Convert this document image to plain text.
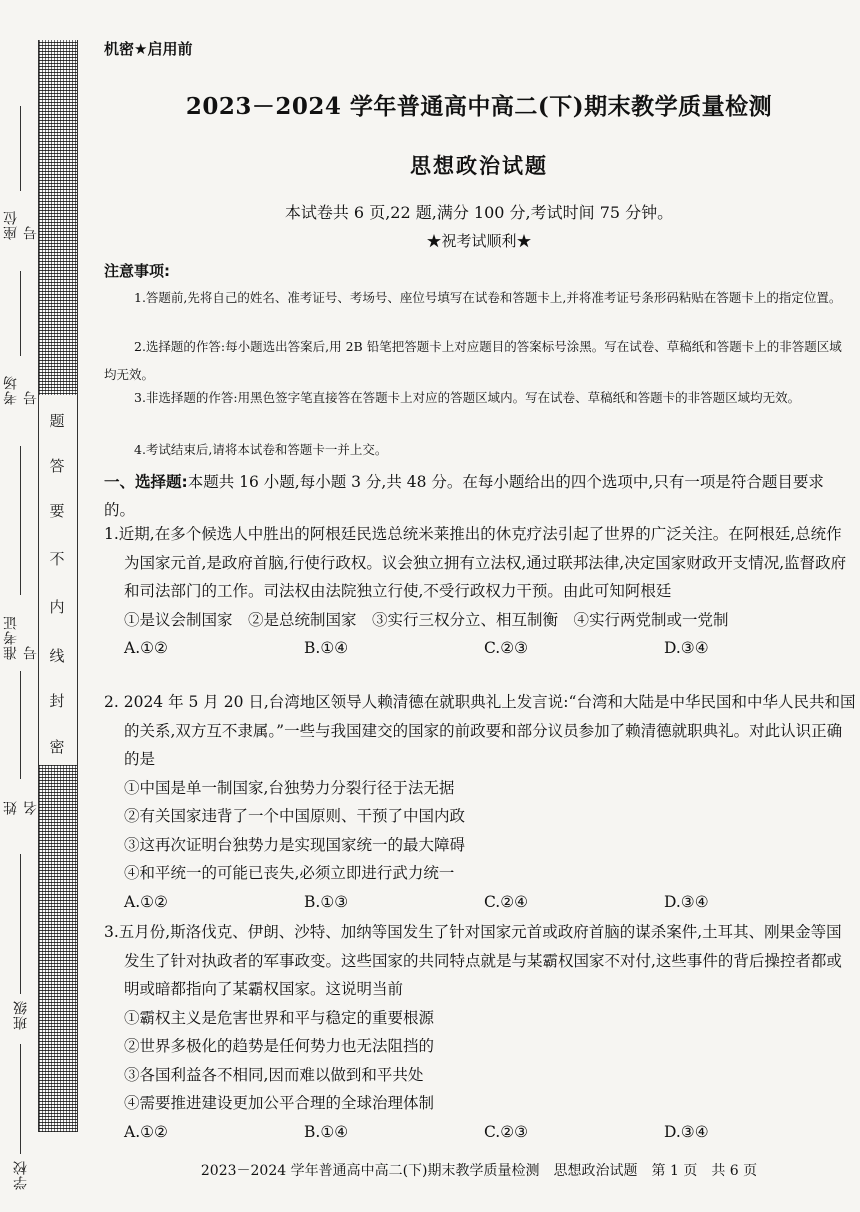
题
答
要
不
内
线
封
密
座位号
考场号
准考证号
姓名
班级
学校
机密★启用前
2023－2024 学年普通高中高二(下)期末教学质量检测
思想政治试题
本试卷共 6 页,22 题,满分 100 分,考试时间 75 分钟。
★祝考试顺利★
注意事项:
1.答题前,先将自己的姓名、准考证号、考场号、座位号填写在试卷和答题卡上,并将准考证号条形码粘贴在答题卡上的指定位置。
2.选择题的作答:每小题选出答案后,用 2B 铅笔把答题卡上对应题目的答案标号涂黑。写在试卷、草稿纸和答题卡上的非答题区域均无效。
3.非选择题的作答:用黑色签字笔直接答在答题卡上对应的答题区域内。写在试卷、草稿纸和答题卡的非答题区域均无效。
4.考试结束后,请将本试卷和答题卡一并上交。
一、选择题:本题共 16 小题,每小题 3 分,共 48 分。在每小题给出的四个选项中,只有一项是符合题目要求的。
1.近期,在多个候选人中胜出的阿根廷民选总统米莱推出的休克疗法引起了世界的广泛关注。在阿根廷,总统作为国家元首,是政府首脑,行使行政权。议会独立拥有立法权,通过联邦法律,决定国家财政开支情况,监督政府和司法部门的工作。司法权由法院独立行使,不受行政权力干预。由此可知阿根廷
①是议会制国家　②是总统制国家　③实行三权分立、相互制衡　④实行两党制或一党制
A.①②	B.①④	C.②③	D.③④
2. 2024 年 5 月 20 日,台湾地区领导人赖清德在就职典礼上发言说:“台湾和大陆是中华民国和中华人民共和国的关系,双方互不隶属。”一些与我国建交的国家的前政要和部分议员参加了赖清德就职典礼。对此认识正确的是
①中国是单一制国家,台独势力分裂行径于法无据
②有关国家违背了一个中国原则、干预了中国内政
③这再次证明台独势力是实现国家统一的最大障碍
④和平统一的可能已丧失,必须立即进行武力统一
A.①②	B.①③	C.②④	D.③④
3.五月份,斯洛伐克、伊朗、沙特、加纳等国发生了针对国家元首或政府首脑的谋杀案件,土耳其、刚果金等国发生了针对执政者的军事政变。这些国家的共同特点就是与某霸权国家不对付,这些事件的背后操控者都或明或暗都指向了某霸权国家。这说明当前
①霸权主义是危害世界和平与稳定的重要根源
②世界多极化的趋势是任何势力也无法阻挡的
③各国利益各不相同,因而难以做到和平共处
④需要推进建设更加公平合理的全球治理体制
A.①②	B.①④	C.②③	D.③④
2023－2024 学年普通高中高二(下)期末教学质量检测　思想政治试题　第 1 页　共 6 页
